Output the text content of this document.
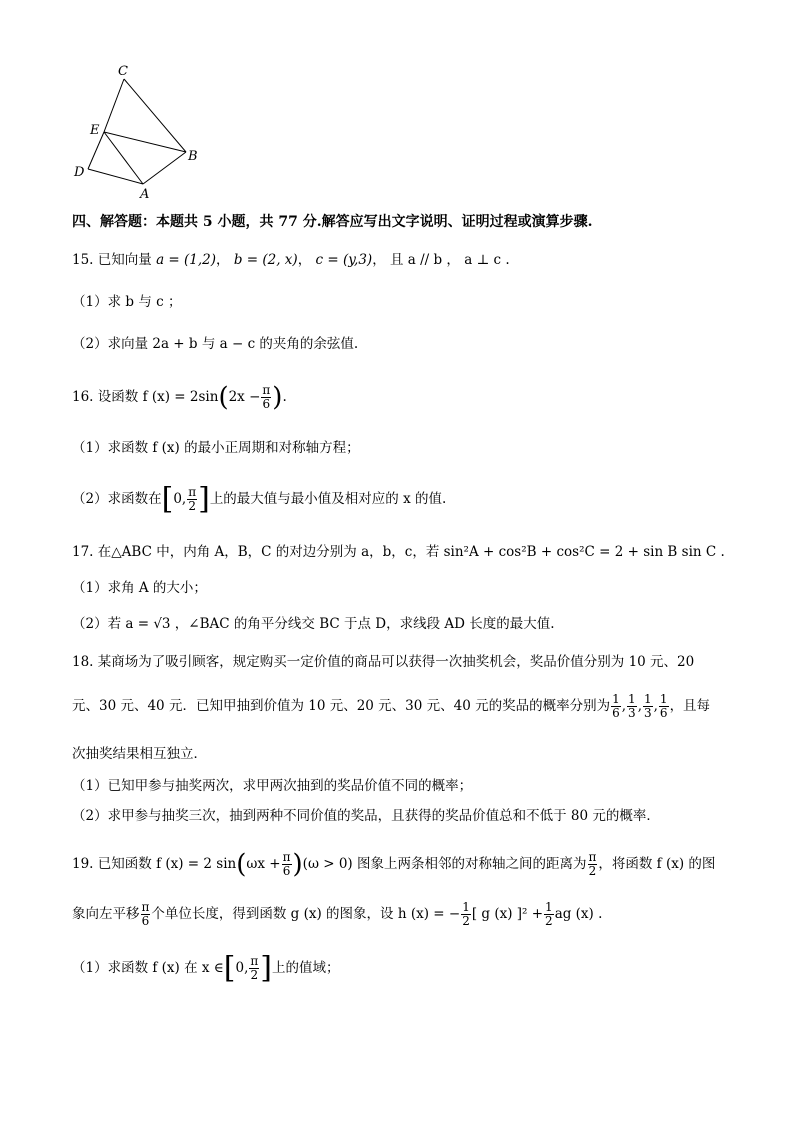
C
E
B
D
A
四、解答题：本题共 5 小题，共 77 分.解答应写出文字说明、证明过程或演算步骤.
15. 已知向量 a = (1,2)， b = (2, x)， c = (y,3)， 且 a // b ， a ⊥ c .
（1）求 b 与 c ；
（2）求向量 2a + b 与 a − c 的夹角的余弦值.
16. 设函数 f $(x) = 2\sin(2x - \frac{\pi}{6}$ ).
（1）求函数 f (x) 的最小正周期和对称轴方程；
（2）求函数在[0, $\frac{\pi}{2}$ ]上的最大值与最小值及相对应的 x 的值.
17. 在△ABC 中，内角 A，B，C 的对边分别为 a，b，c，若 sin²A + cos²B + cos²C = 2 + sin B sin C .
（1）求角 A 的大小；
（2）若 a = √3 ，∠BAC 的角平分线交 BC 于点 D，求线段 AD 长度的最大值.
18. 某商场为了吸引顾客，规定购买一定价值的商品可以获得一次抽奖机会，奖品价值分别为 10 元、20
元、30 元、40 元．已知甲抽到价值为 10 元、20 元、30 元、40 元的奖品的概率分别为 $\frac{1}{6}$ , $\frac{1}{3}$ , $\frac{1}{3}$ , $\frac{1}{6}$ ，且每
次抽奖结果相互独立．
（1）已知甲参与抽奖两次，求甲两次抽到的奖品价值不同的概率；
（2）求甲参与抽奖三次，抽到两种不同价值的奖品，且获得的奖品价值总和不低于 80 元的概率．
19. 已知函数 f (x) = 2 $\sin(\omega x + \frac{\pi}{6} )(\omega > 0)$ 图象上两条相邻的对称轴之间的距离为 $\frac{\pi}{2}$ ，将函数 f (x) 的图
象向左平移 $\frac{\pi}{6}$ 个单位长度，得到函数 g (x) 的图象，设 h (x) = − $\frac{1}{2}$ [ g (x) ]$^2 + \frac{1}{2}$ ag (x) .
（1）求函数 f (x) 在 x ∈[0, $\frac{\pi}{2}$ ]上的值域；
